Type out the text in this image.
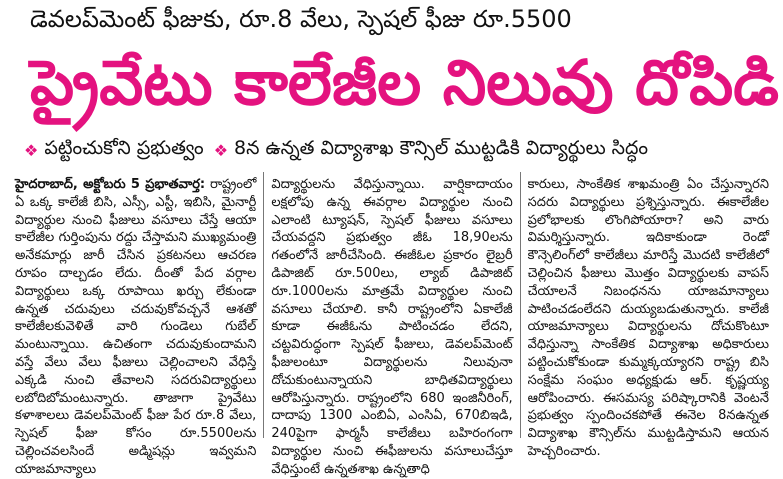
డెవలప్‌మెంట్ ఫీజుకు, రూ.8 వేలు, స్పెషల్ ఫీజు రూ.5500
ప్రైవేటు కాలేజీల నిలువు దోపిడి
❖ పట్టించుకోని ప్రభుత్వం ❖ 8న ఉన్నత విద్యాశాఖ కౌన్సిల్ ముట్టడికి విద్యార్థులు సిద్ధం

హైదరాబాద్, అక్టోబరు 5 ప్రభాతవార్త: రాష్ట్రంలో ఏ ఒక్క కాలేజీ బిసి, ఎస్సీ, ఎస్టీ, ఇబిసి, మైనార్టీ విద్యార్థుల నుంచి ఫీజులు వసూలు చేస్తే ఆయా కాలేజీల గుర్తింపును రద్దు చేస్తామని ముఖ్యమంత్రి అనేకమార్లు జారీ చేసిన ప్రకటనలు ఆచరణ రూపం దాల్చడం లేదు. దీంతో పేద వర్గాల విద్యార్థులు ఒక్క రూపాయి ఖర్చు లేకుండా ఉన్నత చదువులు చదువుకోవచ్చనే ఆశతో కాలేజీలకువెళితే వారి గుండెలు గుబేల్ మంటున్నాయి. ఉచితంగా చదువుకుందామని వస్తే వేలు వేలు ఫీజులు చెల్లించాలని వేధిస్తే ఎక్కడి నుంచి తేవాలని సదరువిద్యార్థులు లబోదిబోమంటున్నారు. తాజాగా ప్రైవేటు కళాశాలలు డెవలప్‌మెంట్ ఫీజు పేర రూ.8 వేలు, స్పెషల్ ఫీజు కోసం రూ.5500లను చెల్లించవలసిందే అడ్మిషన్లు ఇవ్వమని యాజమాన్యాలు

విద్యార్థులను వేధిస్తున్నాయి. వార్షికాదాయం లక్షలోపు ఉన్న ఈవర్గాల విద్యార్థుల నుంచి ఎలాంటి ట్యూషన్, స్పెషల్ ఫీజులు వసూలు చేయవద్దని ప్రభుత్వం జీఓ 18,90లను గతంలోనే జారీచేసింది. ఈజీఓల ప్రకారం లైబ్రరీ డిపాజిట్ రూ.500లు, ల్యాబ్ డిపాజిట్ రూ.1000లను మాత్రమే విద్యార్థుల నుంచి వసూలు చేయాలి. కానీ రాష్ట్రంలోని ఏకాలేజీ కూడా ఈజీఓను పాటించడం లేదని, చట్టవిరుద్ధంగా స్పెషల్ ఫీజులు, డెవలప్‌మెంట్ ఫీజులంటూ విద్యార్థులను నిలువునా దోచుకుంటున్నాయని బాధితవిద్యార్థులు ఆరోపిస్తున్నారు. రాష్ట్రంలోని 680 ఇంజినీరింగ్, దాదాపు 1300 ఎంబిఏ, ఎంసిఏ, 670బిఇడి, 240పైగా ఫార్మసీ కాలేజీలు బహిరంగంగా విద్యార్థుల నుంచి ఈఫీజులను వసూలుచేస్తూ వేధిస్తుంటే ఉన్నతశాఖ ఉన్నతాధి

కారులు, సాంకేతిక శాఖమంత్రి ఏం చేస్తున్నారని సదరు విద్యార్థులు ప్రశ్నిస్తున్నారు. ఈకాలేజీల ప్రలోభాలకు లొంగిపోయారా? అని వారు విమర్శిస్తున్నారు. ఇదికాకుండా రెండో కౌన్సెలింగ్‌లో కాలేజీలు మారిస్తే మొదటి కాలేజీలో చెల్లించిన ఫీజులు మొత్తం విద్యార్థులకు వాపస్ చేయాలనే నిబంధనను యాజమాన్యాలు పాటించడంలేదని దుయ్యబడుతున్నారు. కాలేజీ యాజమాన్యాలు విద్యార్థులను దోచుకొంటూ వేధిస్తున్నా సాంకేతిక విద్యాశాఖ అధికారులు పట్టించుకోకుండా కుమ్మక్కయ్యారని రాష్ట్ర బిసి సంక్షేమ సంఘం అధ్యక్షుడు ఆర్. కృష్ణయ్య ఆరోపించారు. ఈసమస్య పరిష్కారానికి వెంటనే ప్రభుత్వం స్పందించకపోతే ఈనెల 8నఉన్నత విద్యాశాఖ కౌన్సిల్‌ను ముట్టడిస్తామని ఆయన హెచ్చరించారు.
